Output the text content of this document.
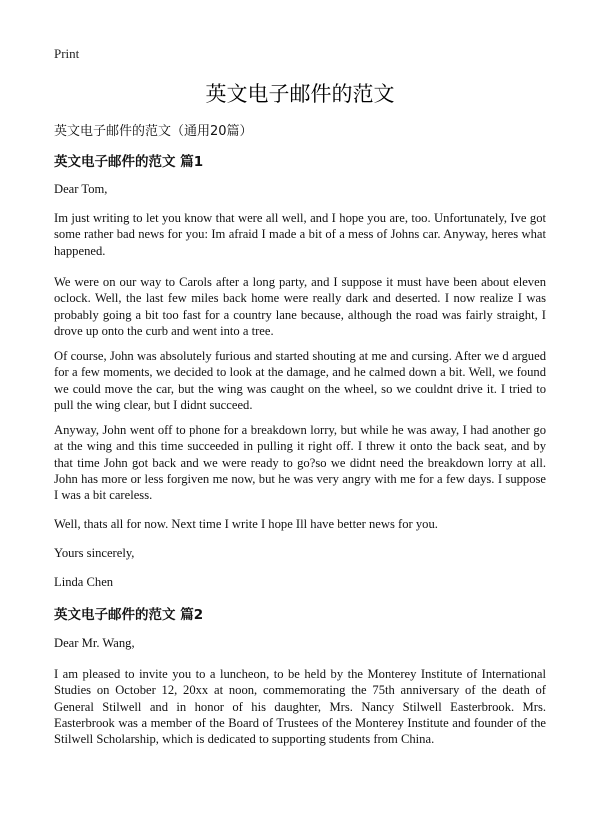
Print
英文电子邮件的范文
英文电子邮件的范文（通用20篇）
英文电子邮件的范文 篇1
Dear Tom,
Im just writing to let you know that were all well, and I hope you are, too. Unfortunately, Ive got some rather bad news for you: Im afraid I made a bit of a mess of Johns car. Anyway, heres what happened.
We were on our way to Carols after a long party, and I suppose it must have been about eleven oclock. Well, the last few miles back home were really dark and deserted. I now realize I was probably going a bit too fast for a country lane because, although the road was fairly straight, I drove up onto the curb and went into a tree.
Of course, John was absolutely furious and started shouting at me and cursing. After we d argued for a few moments, we decided to look at the damage, and he calmed down a bit. Well, we found we could move the car, but the wing was caught on the wheel, so we couldnt drive it. I tried to pull the wing clear, but I didnt succeed.
Anyway, John went off to phone for a breakdown lorry, but while he was away, I had another go at the wing and this time succeeded in pulling it right off. I threw it onto the back seat, and by that time John got back and we were ready to go?so we didnt need the breakdown lorry at all. John has more or less forgiven me now, but he was very angry with me for a few days. I suppose I was a bit careless.
Well, thats all for now. Next time I write I hope Ill have better news for you.
Yours sincerely,
Linda Chen
英文电子邮件的范文 篇2
Dear Mr. Wang,
I am pleased to invite you to a luncheon, to be held by the Monterey Institute of International Studies on October 12, 20xx at noon, commemorating the 75th anniversary of the death of General Stilwell and in honor of his daughter, Mrs. Nancy Stilwell Easterbrook. Mrs. Easterbrook was a member of the Board of Trustees of the Monterey Institute and founder of the Stilwell Scholarship, which is dedicated to supporting students from China.
